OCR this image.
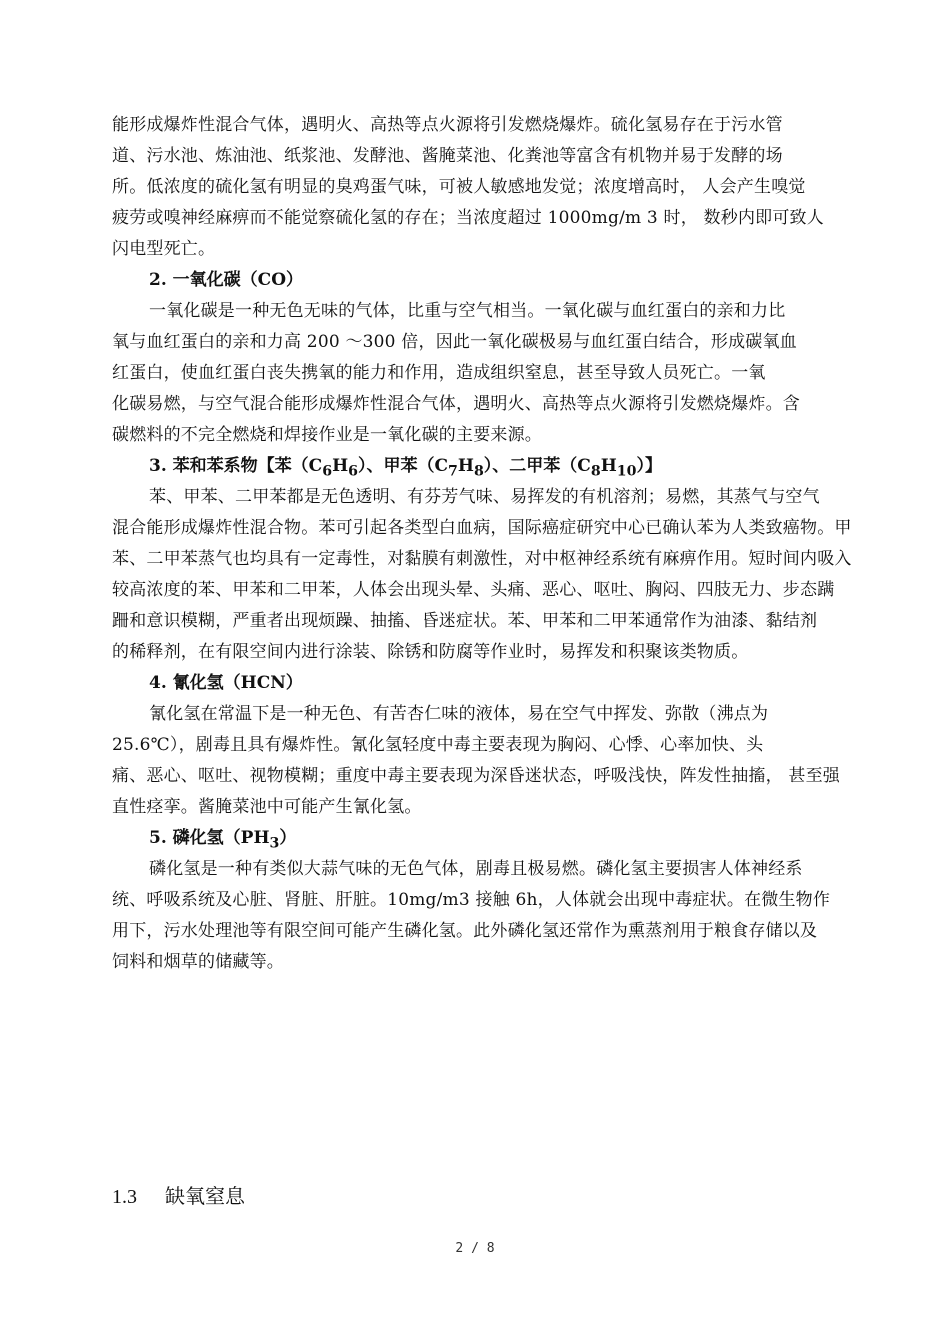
能形成爆炸性混合气体，遇明火、高热等点火源将引发燃烧爆炸。硫化氢易存在于污水管
道、污水池、炼油池、纸浆池、发酵池、酱腌菜池、化粪池等富含有机物并易于发酵的场
所。低浓度的硫化氢有明显的臭鸡蛋气味，可被人敏感地发觉；浓度增高时， 人会产生嗅觉
疲劳或嗅神经麻痹而不能觉察硫化氢的存在；当浓度超过 1000mg/m 3 时， 数秒内即可致人
闪电型死亡。
2. 一氧化碳（CO）
一氧化碳是一种无色无味的气体，比重与空气相当。一氧化碳与血红蛋白的亲和力比
氧与血红蛋白的亲和力高 200 ～300 倍，因此一氧化碳极易与血红蛋白结合，形成碳氧血
红蛋白，使血红蛋白丧失携氧的能力和作用，造成组织窒息，甚至导致人员死亡。一氧
化碳易燃，与空气混合能形成爆炸性混合气体，遇明火、高热等点火源将引发燃烧爆炸。含
碳燃料的不完全燃烧和焊接作业是一氧化碳的主要来源。
3. 苯和苯系物【苯$(C_6H_6)$、甲苯$(C_7H_8)$、二甲苯$(C_8H_{10})$】
苯、甲苯、二甲苯都是无色透明、有芬芳气味、易挥发的有机溶剂；易燃，其蒸气与空气
混合能形成爆炸性混合物。苯可引起各类型白血病，国际癌症研究中心已确认苯为人类致癌物。甲
苯、二甲苯蒸气也均具有一定毒性，对黏膜有刺激性，对中枢神经系统有麻痹作用。短时间内吸入
较高浓度的苯、甲苯和二甲苯，人体会出现头晕、头痛、恶心、呕吐、胸闷、四肢无力、步态蹒
跚和意识模糊，严重者出现烦躁、抽搐、昏迷症状。苯、甲苯和二甲苯通常作为油漆、黏结剂
的稀释剂，在有限空间内进行涂装、除锈和防腐等作业时，易挥发和积聚该类物质。
4. 氰化氢（HCN）
氰化氢在常温下是一种无色、有苦杏仁味的液体，易在空气中挥发、弥散（沸点为
25.6℃），剧毒且具有爆炸性。氰化氢轻度中毒主要表现为胸闷、心悸、心率加快、头
痛、恶心、呕吐、视物模糊；重度中毒主要表现为深昏迷状态，呼吸浅快，阵发性抽搐， 甚至强
直性痉挛。酱腌菜池中可能产生氰化氢。
5. 磷化氢$(PH_3)$
磷化氢是一种有类似大蒜气味的无色气体，剧毒且极易燃。磷化氢主要损害人体神经系
统、呼吸系统及心脏、肾脏、肝脏。10mg/m3 接触 6h，人体就会出现中毒症状。在微生物作
用下，污水处理池等有限空间可能产生磷化氢。此外磷化氢还常作为熏蒸剂用于粮食存储以及
饲料和烟草的储藏等。
1.3 缺氧窒息
2 / 8
